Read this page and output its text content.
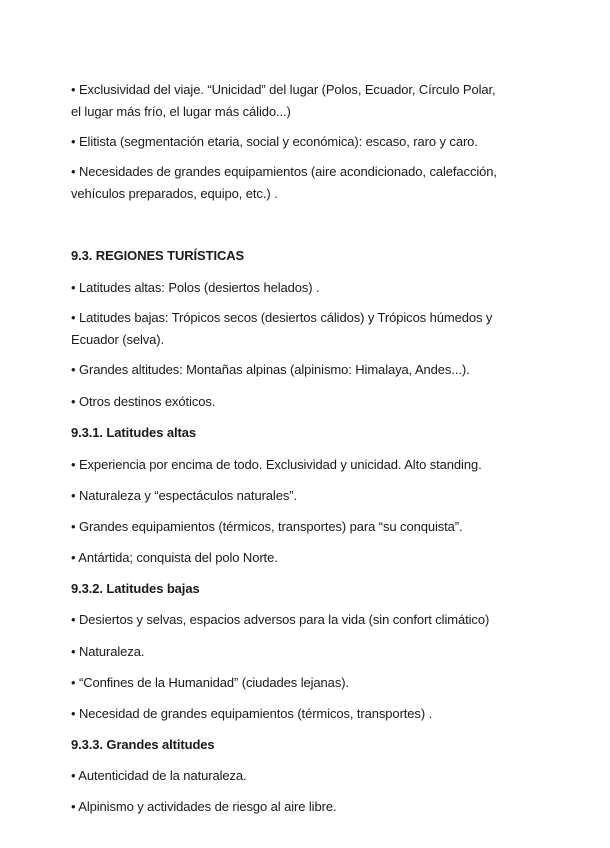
• Exclusividad del viaje. “Unicidad” del lugar (Polos, Ecuador, Círculo Polar,
el lugar más frío, el lugar más cálido...)
• Elitista (segmentación etaria, social y económica): escaso, raro y caro.
• Necesidades de grandes equipamientos (aire acondicionado, calefacción,
vehículos preparados, equipo, etc.) .
9.3. REGIONES TURÍSTICAS
• Latitudes altas: Polos (desiertos helados) .
• Latitudes bajas: Trópicos secos (desiertos cálidos) y Trópicos húmedos y
Ecuador (selva).
• Grandes altitudes: Montañas alpinas (alpinismo: Himalaya, Andes...).
• Otros destinos exóticos.
9.3.1. Latitudes altas
• Experiencia por encima de todo. Exclusividad y unicidad. Alto standing.
• Naturaleza y “espectáculos naturales”.
• Grandes equipamientos (térmicos, transportes) para “su conquista”.
• Antártida; conquista del polo Norte.
9.3.2. Latitudes bajas
• Desiertos y selvas, espacios adversos para la vida (sin confort climático)
• Naturaleza.
• “Confines de la Humanidad” (ciudades lejanas).
• Necesidad de grandes equipamientos (térmicos, transportes) .
9.3.3. Grandes altitudes
• Autenticidad de la naturaleza.
• Alpinismo y actividades de riesgo al aire libre.
